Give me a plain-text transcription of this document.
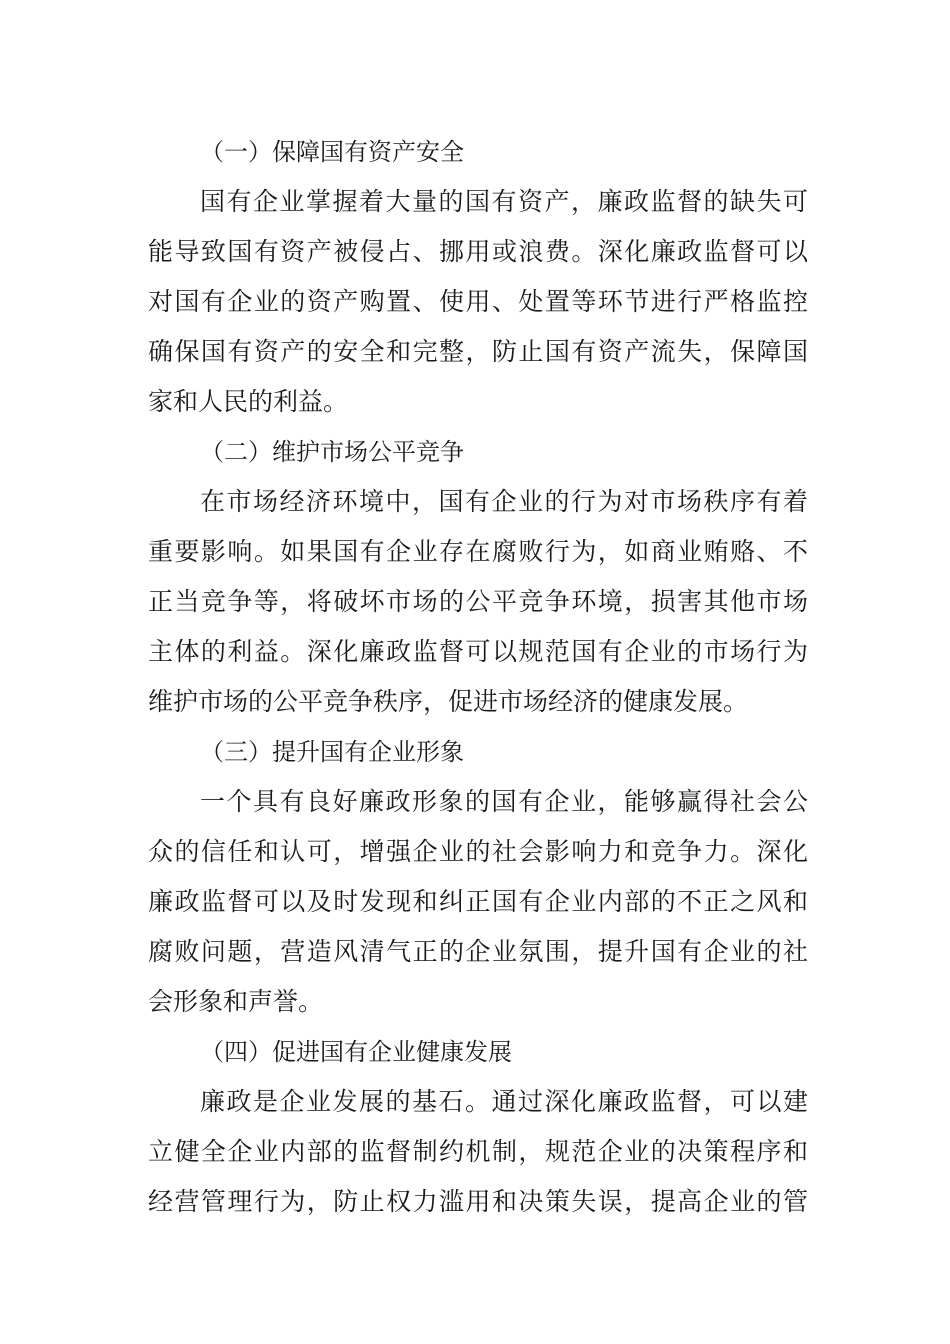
（一）保障国有资产安全
国有企业掌握着大量的国有资产，廉政监督的缺失可
能导致国有资产被侵占、挪用或浪费。深化廉政监督可以
对国有企业的资产购置、使用、处置等环节进行严格监控
确保国有资产的安全和完整，防止国有资产流失，保障国
家和人民的利益。
（二）维护市场公平竞争
在市场经济环境中，国有企业的行为对市场秩序有着
重要影响。如果国有企业存在腐败行为，如商业贿赂、不
正当竞争等，将破坏市场的公平竞争环境，损害其他市场
主体的利益。深化廉政监督可以规范国有企业的市场行为
维护市场的公平竞争秩序，促进市场经济的健康发展。
（三）提升国有企业形象
一个具有良好廉政形象的国有企业，能够赢得社会公
众的信任和认可，增强企业的社会影响力和竞争力。深化
廉政监督可以及时发现和纠正国有企业内部的不正之风和
腐败问题，营造风清气正的企业氛围，提升国有企业的社
会形象和声誉。
（四）促进国有企业健康发展
廉政是企业发展的基石。通过深化廉政监督，可以建
立健全企业内部的监督制约机制，规范企业的决策程序和
经营管理行为，防止权力滥用和决策失误，提高企业的管
